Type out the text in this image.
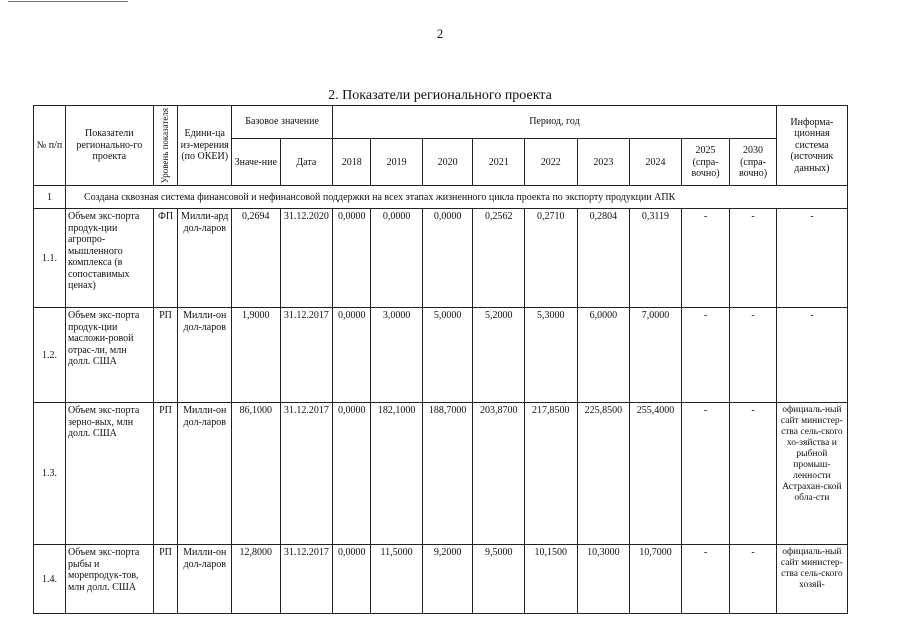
2
2. Показатели регионального проекта
№ п/п	Показатели регионально-го проекта	Уровень показателя	Едини-ца из-мерения (по ОКЕИ)	Базовое значение		Период, год									Информа-ционная система (источник данных)
				Значе-ние	Дата	2018	2019	2020	2021	2022	2023	2024	2025 (спра-вочно)	2030 (спра-вочно)	
1	Создана сквозная система финансовой и нефинансовой поддержки на всех этапах жизненного цикла проекта по экспорту продукции АПК														
1.1.	Объем экс-порта продук-ции агропро-мышленного комплекса (в сопоставимых ценах)	ФП	Милли-ард дол-ларов	0,2694	31.12.2020	0,0000	0,0000	0,0000	0,2562	0,2710	0,2804	0,3119	-	-	-
1.2.	Объем экс-порта продук-ции масложи-ровой отрас-ли, млн долл. США	РП	Милли-он дол-ларов	1,9000	31.12.2017	0,0000	3,0000	5,0000	5,2000	5,3000	6,0000	7,0000	-	-	-
1.3.	Объем экс-порта зерно-вых, млн долл. США	РП	Милли-он дол-ларов	86,1000	31.12.2017	0,0000	182,1000	188,7000	203,8700	217,8500	225,8500	255,4000	-	-	официаль-ный сайт министер-ства сель-ского хо-зяйства и рыбной промыш-ленности Астрахан-ской обла-сти
1.4.	Объем экс-порта рыбы и морепродук-тов, млн долл. США	РП	Милли-он дол-ларов	12,8000	31.12.2017	0,0000	11,5000	9,2000	9,5000	10,1500	10,3000	10,7000	-	-	официаль-ный сайт министер-ства сель-ского хозяй-
